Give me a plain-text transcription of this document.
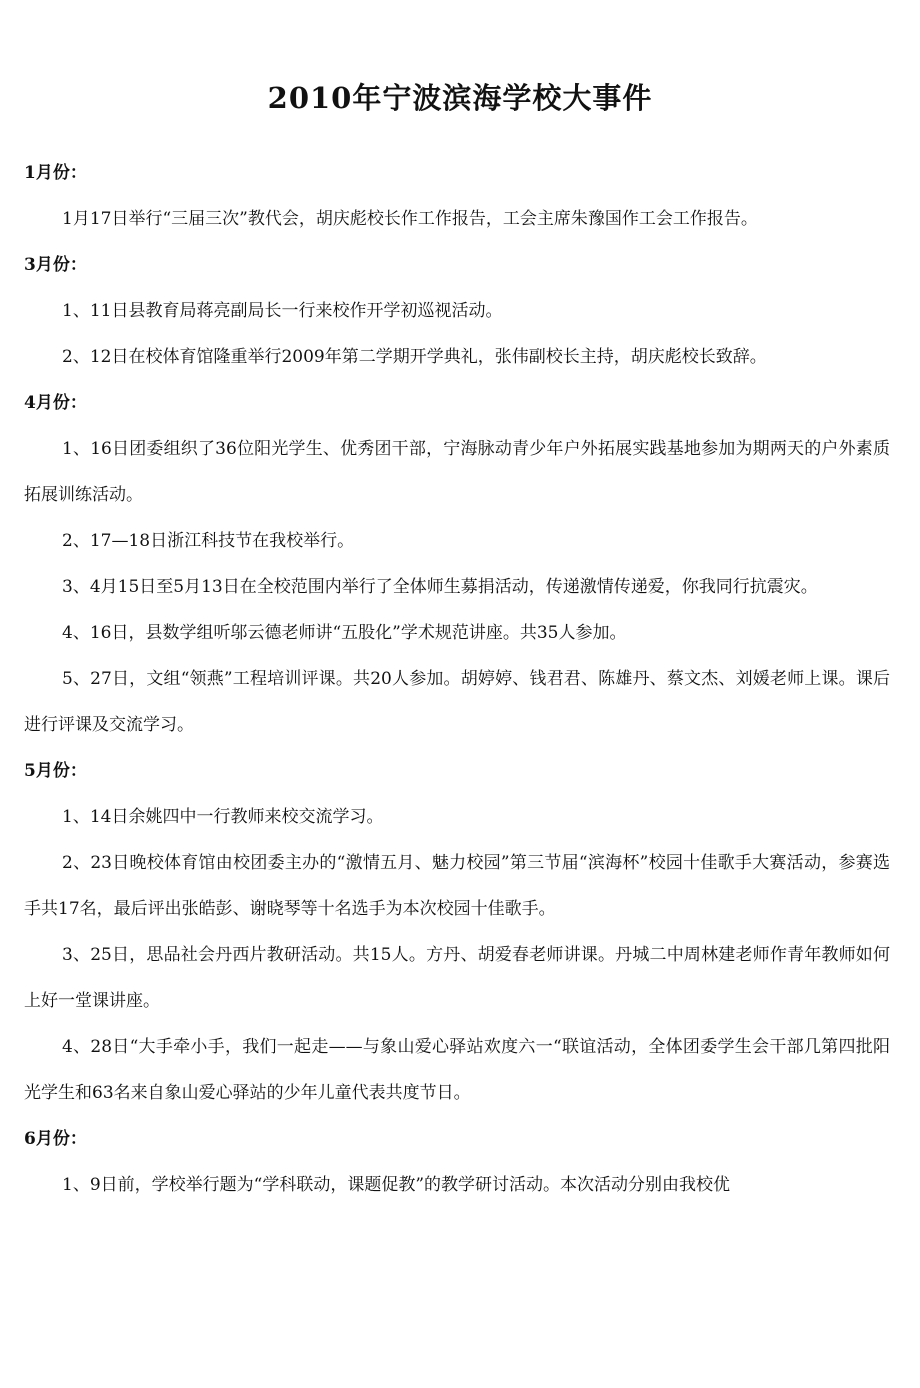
2010年宁波滨海学校大事件
1月份：
1月17日举行“三届三次”教代会，胡庆彪校长作工作报告，工会主席朱豫国作工会工作报告。
3月份：
1、11日县教育局蒋亮副局长一行来校作开学初巡视活动。
2、12日在校体育馆隆重举行2009年第二学期开学典礼，张伟副校长主持，胡庆彪校长致辞。
4月份：
1、16日团委组织了36位阳光学生、优秀团干部，宁海脉动青少年户外拓展实践基地参加为期两天的户外素质拓展训练活动。
2、17—18日浙江科技节在我校举行。
3、4月15日至5月13日在全校范围内举行了全体师生募捐活动，传递激情传递爱，你我同行抗震灾。
4、16日，县数学组听邬云德老师讲“五股化”学术规范讲座。共35人参加。
5、27日，文组“领燕”工程培训评课。共20人参加。胡婷婷、钱君君、陈雄丹、蔡文杰、刘媛老师上课。课后进行评课及交流学习。
5月份：
1、14日余姚四中一行教师来校交流学习。
2、23日晚校体育馆由校团委主办的“激情五月、魅力校园”第三节届“滨海杯”校园十佳歌手大赛活动，参赛选手共17名，最后评出张皓彭、谢晓琴等十名选手为本次校园十佳歌手。
3、25日，思品社会丹西片教研活动。共15人。方丹、胡爱春老师讲课。丹城二中周林建老师作青年教师如何上好一堂课讲座。
4、28日“大手牵小手，我们一起走——与象山爱心驿站欢度六一“联谊活动，全体团委学生会干部几第四批阳光学生和63名来自象山爱心驿站的少年儿童代表共度节日。
6月份：
1、9日前，学校举行题为“学科联动，课题促教”的教学研讨活动。本次活动分别由我校优
